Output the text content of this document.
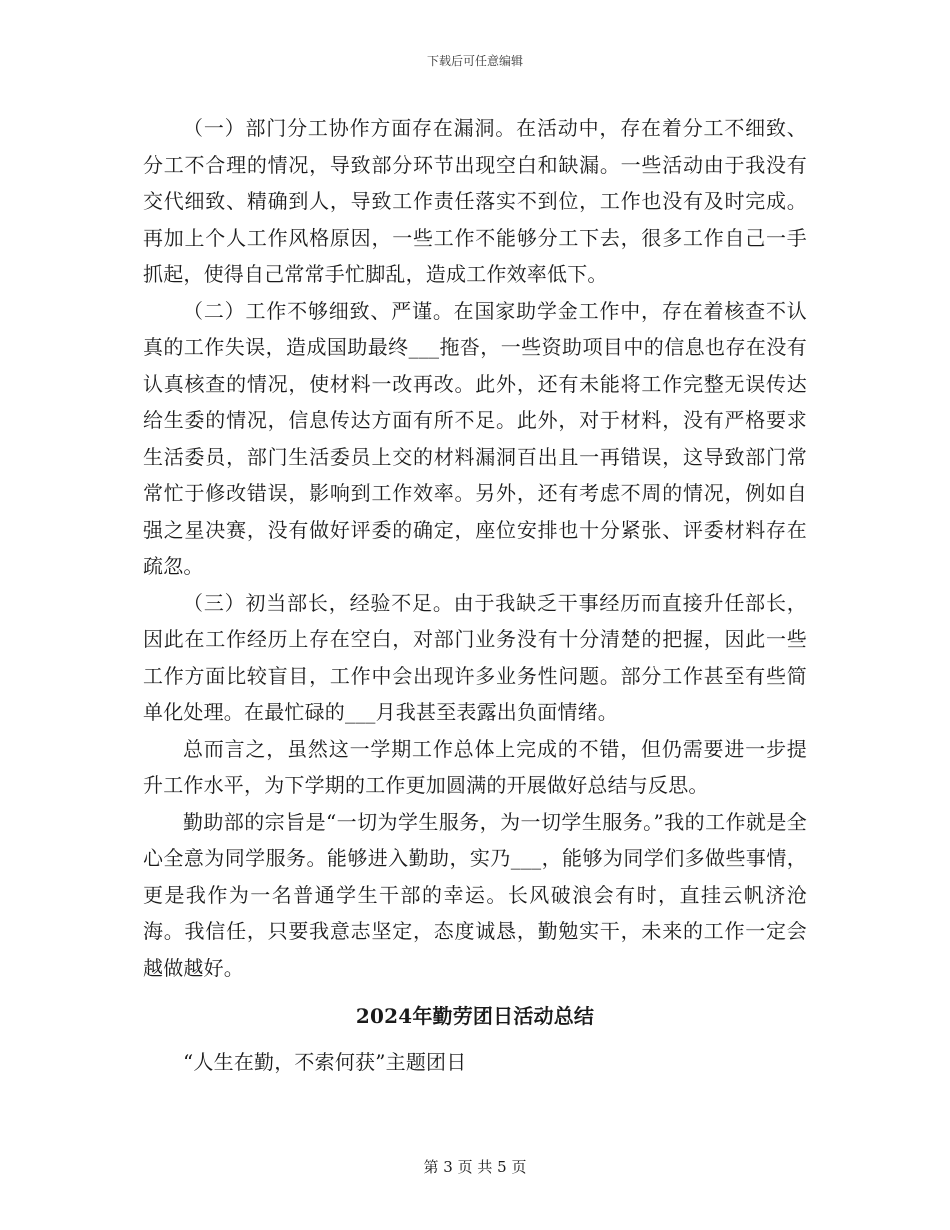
下载后可任意编辑

（一）部门分工协作方面存在漏洞。在活动中，存在着分工不细致、分工不合理的情况，导致部分环节出现空白和缺漏。一些活动由于我没有交代细致、精确到人，导致工作责任落实不到位，工作也没有及时完成。再加上个人工作风格原因，一些工作不能够分工下去，很多工作自己一手抓起，使得自己常常手忙脚乱，造成工作效率低下。

（二）工作不够细致、严谨。在国家助学金工作中，存在着核查不认真的工作失误，造成国助最终___拖沓，一些资助项目中的信息也存在没有认真核查的情况，使材料一改再改。此外，还有未能将工作完整无误传达给生委的情况，信息传达方面有所不足。此外，对于材料，没有严格要求生活委员，部门生活委员上交的材料漏洞百出且一再错误，这导致部门常常忙于修改错误，影响到工作效率。另外，还有考虑不周的情况，例如自强之星决赛，没有做好评委的确定，座位安排也十分紧张、评委材料存在疏忽。

（三）初当部长，经验不足。由于我缺乏干事经历而直接升任部长，因此在工作经历上存在空白，对部门业务没有十分清楚的把握，因此一些工作方面比较盲目，工作中会出现许多业务性问题。部分工作甚至有些简单化处理。在最忙碌的___月我甚至表露出负面情绪。

总而言之，虽然这一学期工作总体上完成的不错，但仍需要进一步提升工作水平，为下学期的工作更加圆满的开展做好总结与反思。

勤助部的宗旨是“一切为学生服务，为一切学生服务。”我的工作就是全心全意为同学服务。能够进入勤助，实乃___，能够为同学们多做些事情，更是我作为一名普通学生干部的幸运。长风破浪会有时，直挂云帆济沧海。我信任，只要我意志坚定，态度诚恳，勤勉实干，未来的工作一定会越做越好。

2024年勤劳团日活动总结

“人生在勤，不索何获”主题团日

第 3 页 共 5 页
